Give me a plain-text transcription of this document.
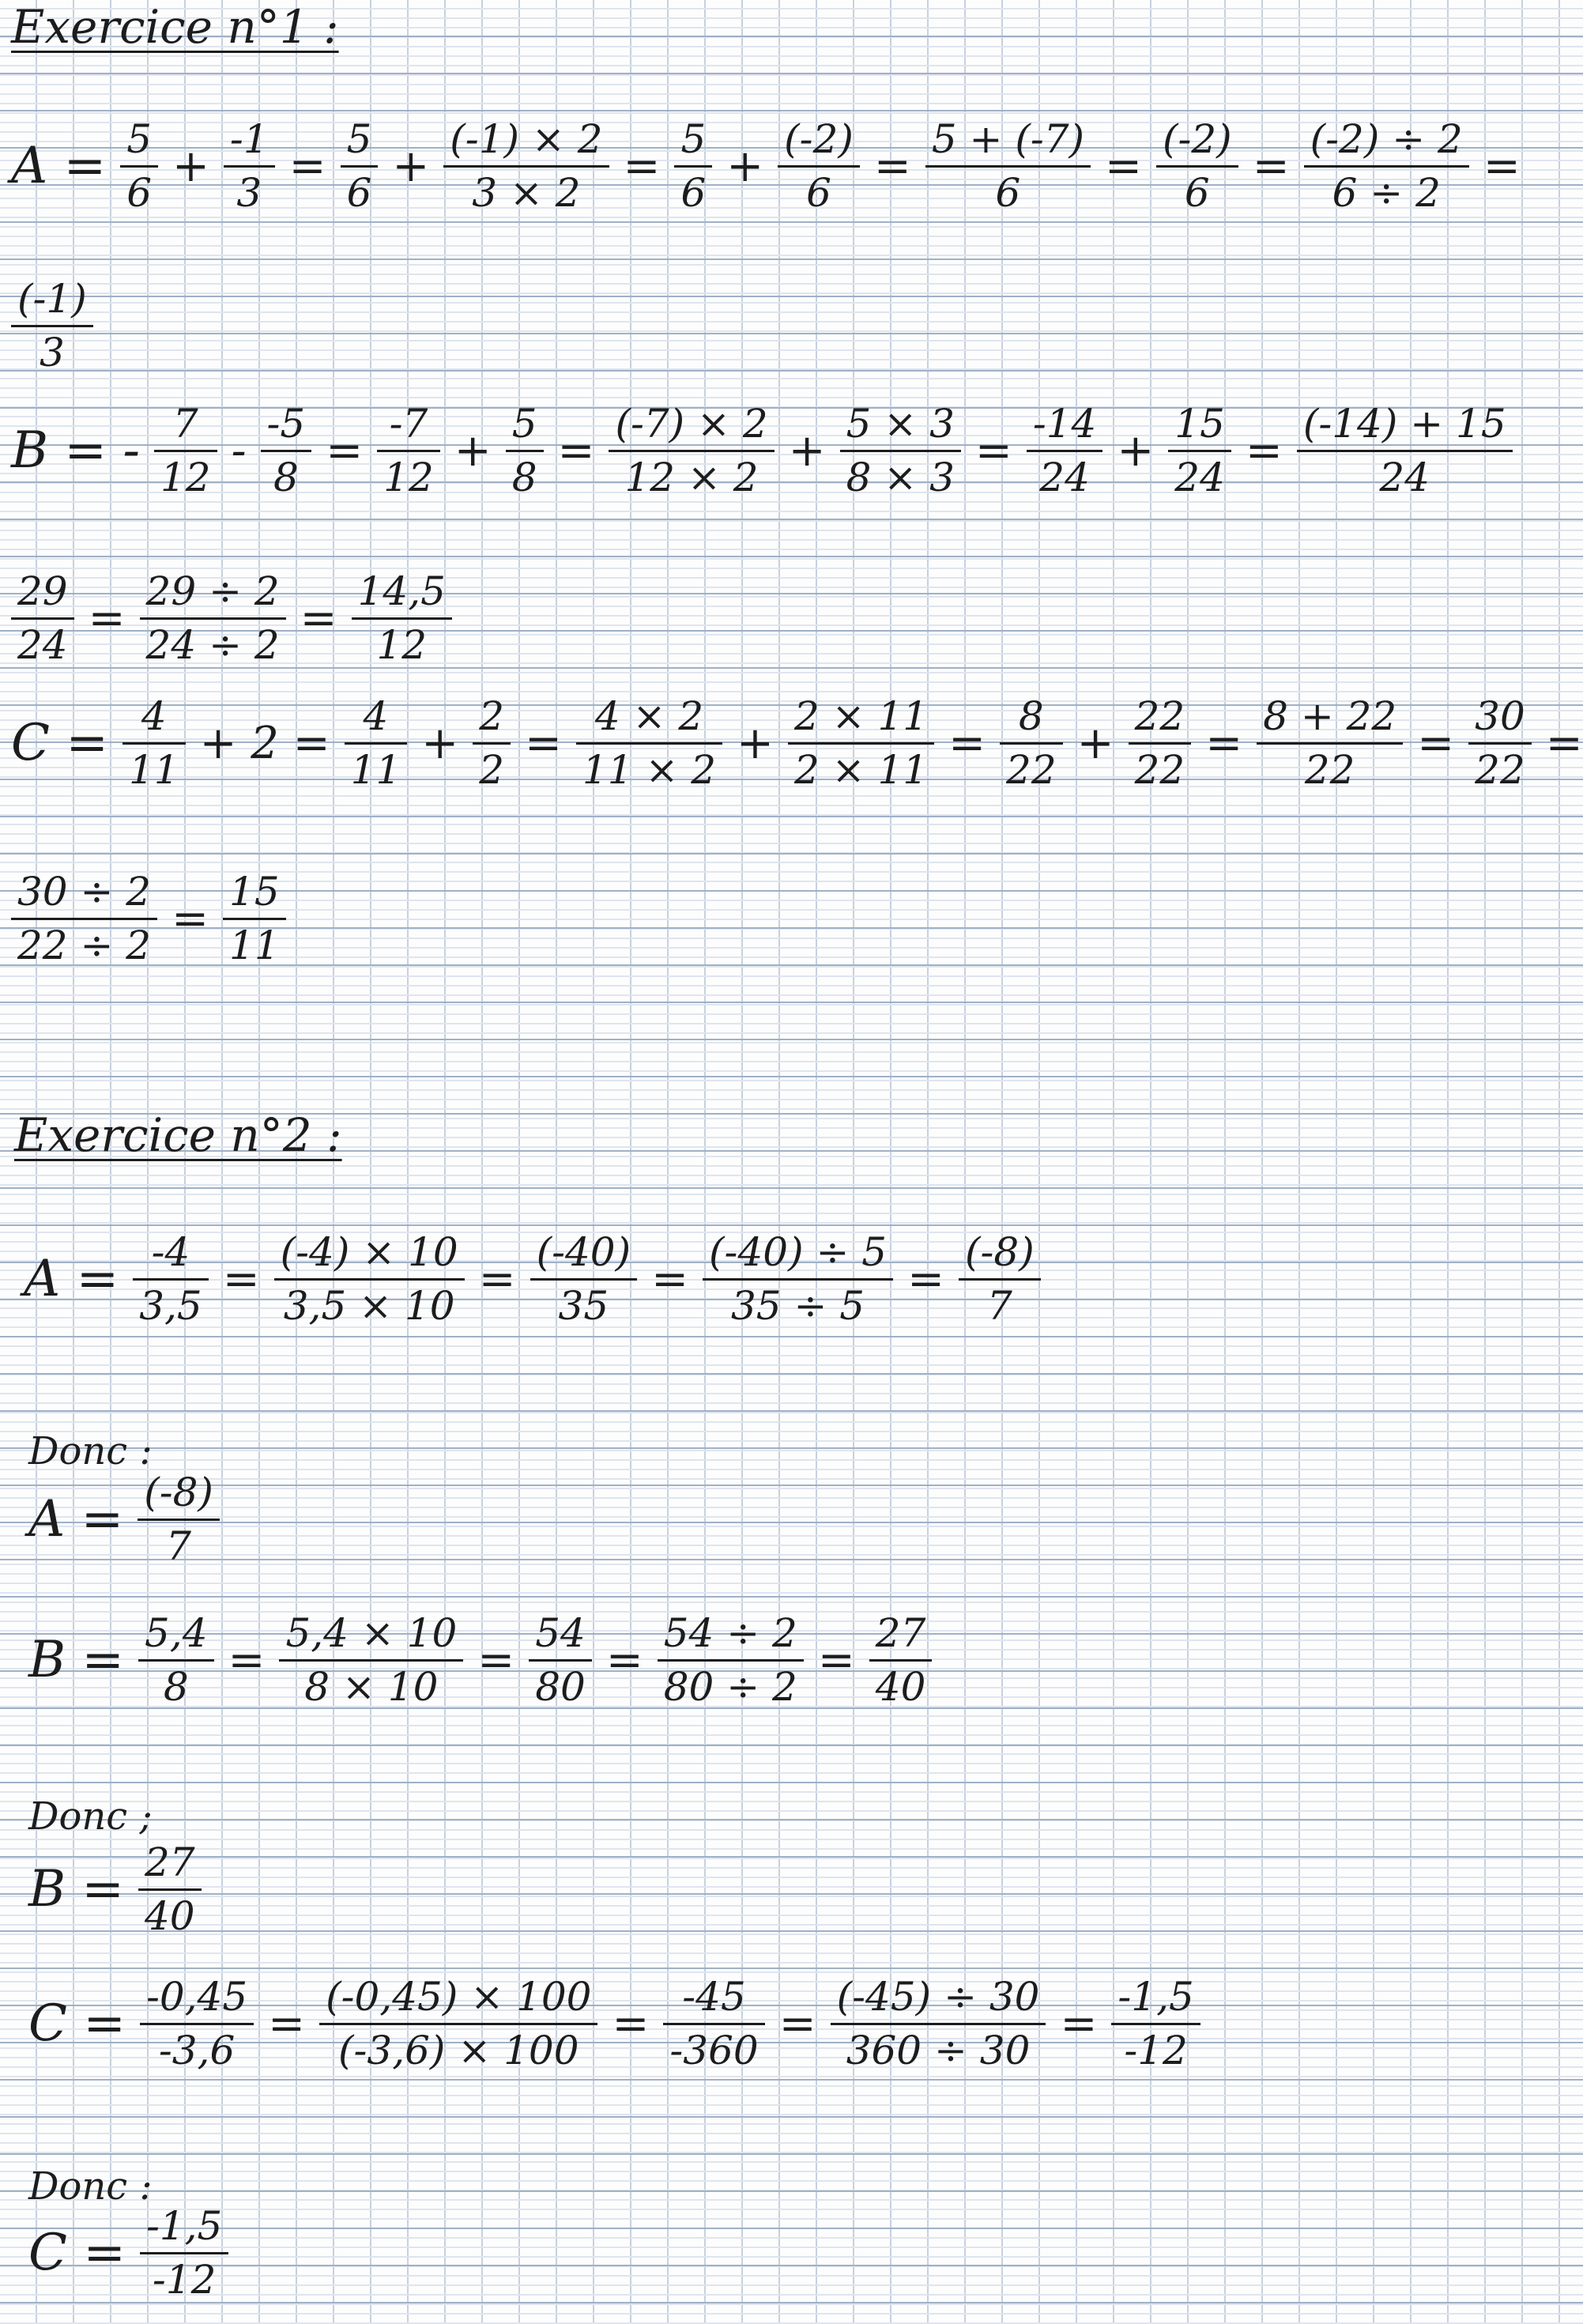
Exercice n°1 :
$A = \frac{5}{6} + \frac{-1}{3} = \frac{5}{6} + \frac{(-1) \times 2}{3 \times 2} = \frac{5}{6} + \frac{(-2)}{6} = \frac{5 + (-7)}{6} = \frac{(-2)}{6} = \frac{(-2) \div 2}{6 \div 2}$ =
$\frac{(-1)}{3}$
B = - $\frac{7}{12} - \frac{-5}{8} = \frac{-7}{12} + \frac{5}{8} = \frac{(-7) \times 2}{12 \times 2} + \frac{5 \times 3}{8 \times 3} = \frac{-14}{24} + \frac{15}{24} = \frac{(-14) + 15}{24}$
$\frac{29}{24} = \frac{29 \div 2}{24 \div 2} = \frac{14,5}{12}$
$C = \frac{4}{11} + 2 = \frac{4}{11} + \frac{2}{2} = \frac{4 \times 2}{11 \times 2} + \frac{2 \times 11}{2 \times 11} = \frac{8}{22} + \frac{22}{22} = \frac{8 + 22}{22} = \frac{30}{22}$ =
$\frac{30 \div 2}{22 \div 2} = \frac{15}{11}$
Exercice n°2 :
$A = \frac{-4}{3,5} = \frac{(-4) \times 10}{3,5 \times 10} = \frac{(-40)}{35} = \frac{(-40) \div 5}{35 \div 5} = \frac{(-8)}{7}$
Donc :
$A = \frac{(-8)}{7}$
$B = \frac{5,4}{8} = \frac{5,4 \times 10}{8 \times 10} = \frac{54}{80} = \frac{54 \div 2}{80 \div 2} = \frac{27}{40}$
Donc ;
$B = \frac{27}{40}$
$C = \frac{-0,45}{-3,6} = \frac{(-0,45) \times 100}{(-3,6) \times 100} = \frac{-45}{-360} = \frac{(-45) \div 30}{360 \div 30} = \frac{-1,5}{-12}$
Donc :
$C = \frac{-1,5}{-12}$
